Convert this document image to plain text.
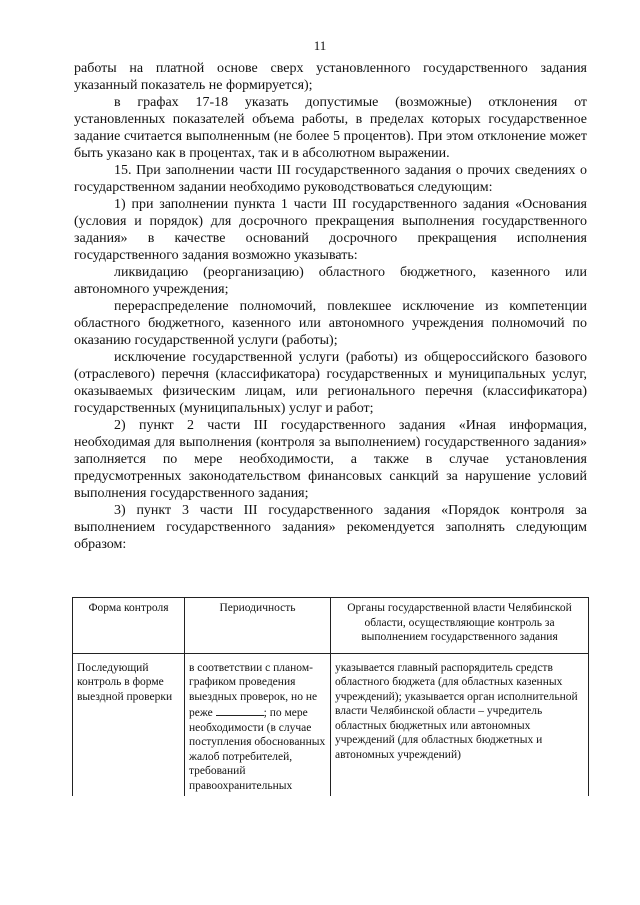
11

работы на платной основе сверх установленного государственного задания указанный показатель не формируется);

в графах 17-18 указать допустимые (возможные) отклонения от установленных показателей объема работы, в пределах которых государственное задание считается выполненным (не более 5 процентов). При этом отклонение может быть указано как в процентах, так и в абсолютном выражении.

15. При заполнении части III государственного задания о прочих сведениях о государственном задании необходимо руководствоваться следующим:

1) при заполнении пункта 1 части III государственного задания «Основания (условия и порядок) для досрочного прекращения выполнения государственного задания» в качестве оснований досрочного прекращения исполнения государственного задания возможно указывать:

ликвидацию (реорганизацию) областного бюджетного, казенного или автономного учреждения;

перераспределение полномочий, повлекшее исключение из компетенции областного бюджетного, казенного или автономного учреждения полномочий по оказанию государственной услуги (работы);

исключение государственной услуги (работы) из общероссийского базового (отраслевого) перечня (классификатора) государственных и муниципальных услуг, оказываемых физическим лицам, или регионального перечня (классификатора) государственных (муниципальных) услуг и работ;

2) пункт 2 части III государственного задания «Иная информация, необходимая для выполнения (контроля за выполнением) государственного задания» заполняется по мере необходимости, а также в случае установления предусмотренных законодательством финансовых санкций за нарушение условий выполнения государственного задания;

3) пункт 3 части III государственного задания «Порядок контроля за выполнением государственного задания» рекомендуется заполнять следующим образом:

Форма контроля	Периодичность	Органы государственной власти Челябинской области, осуществляющие контроль за выполнением государственного задания
Последующий контроль в форме выездной проверки	в соответствии с планом-графиком проведения выездных проверок, но не реже ; по мере необходимости (в случае поступления обоснованных жалоб потребителей, требований правоохранительных	указывается главный распорядитель средств областного бюджета (для областных казенных учреждений); указывается орган исполнительной власти Челябинской области – учредитель областных бюджетных или автономных учреждений (для областных бюджетных и автономных учреждений)
